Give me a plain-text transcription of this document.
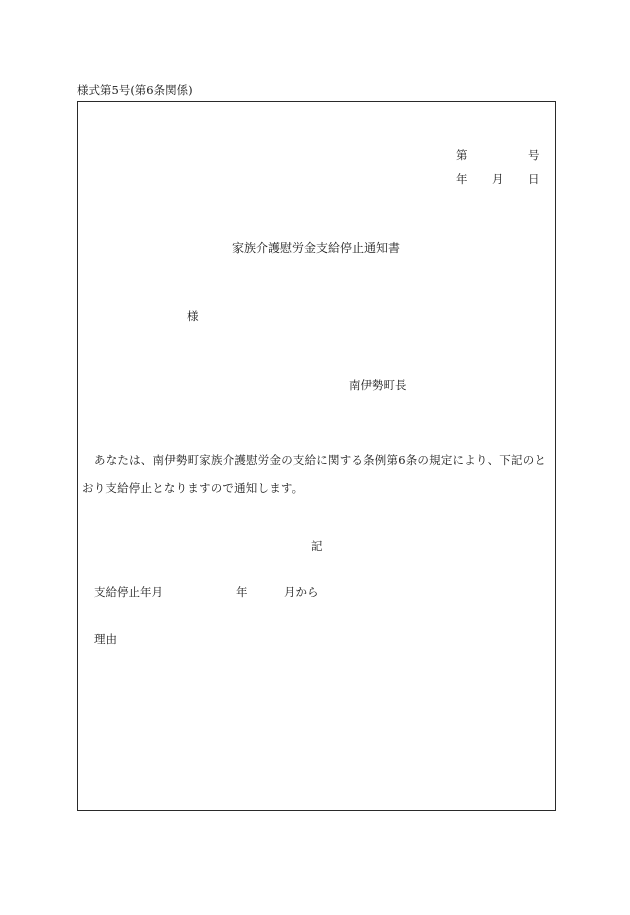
様式第5号(第6条関係)
第	号
年 月 日
家族介護慰労金支給停止通知書
様
南伊勢町長
あなたは、南伊勢町家族介護慰労金の支給に関する条例第6条の規定により、下記のとおり支給停止となりますので通知します。
記
支給停止年月	年	月から
理由
